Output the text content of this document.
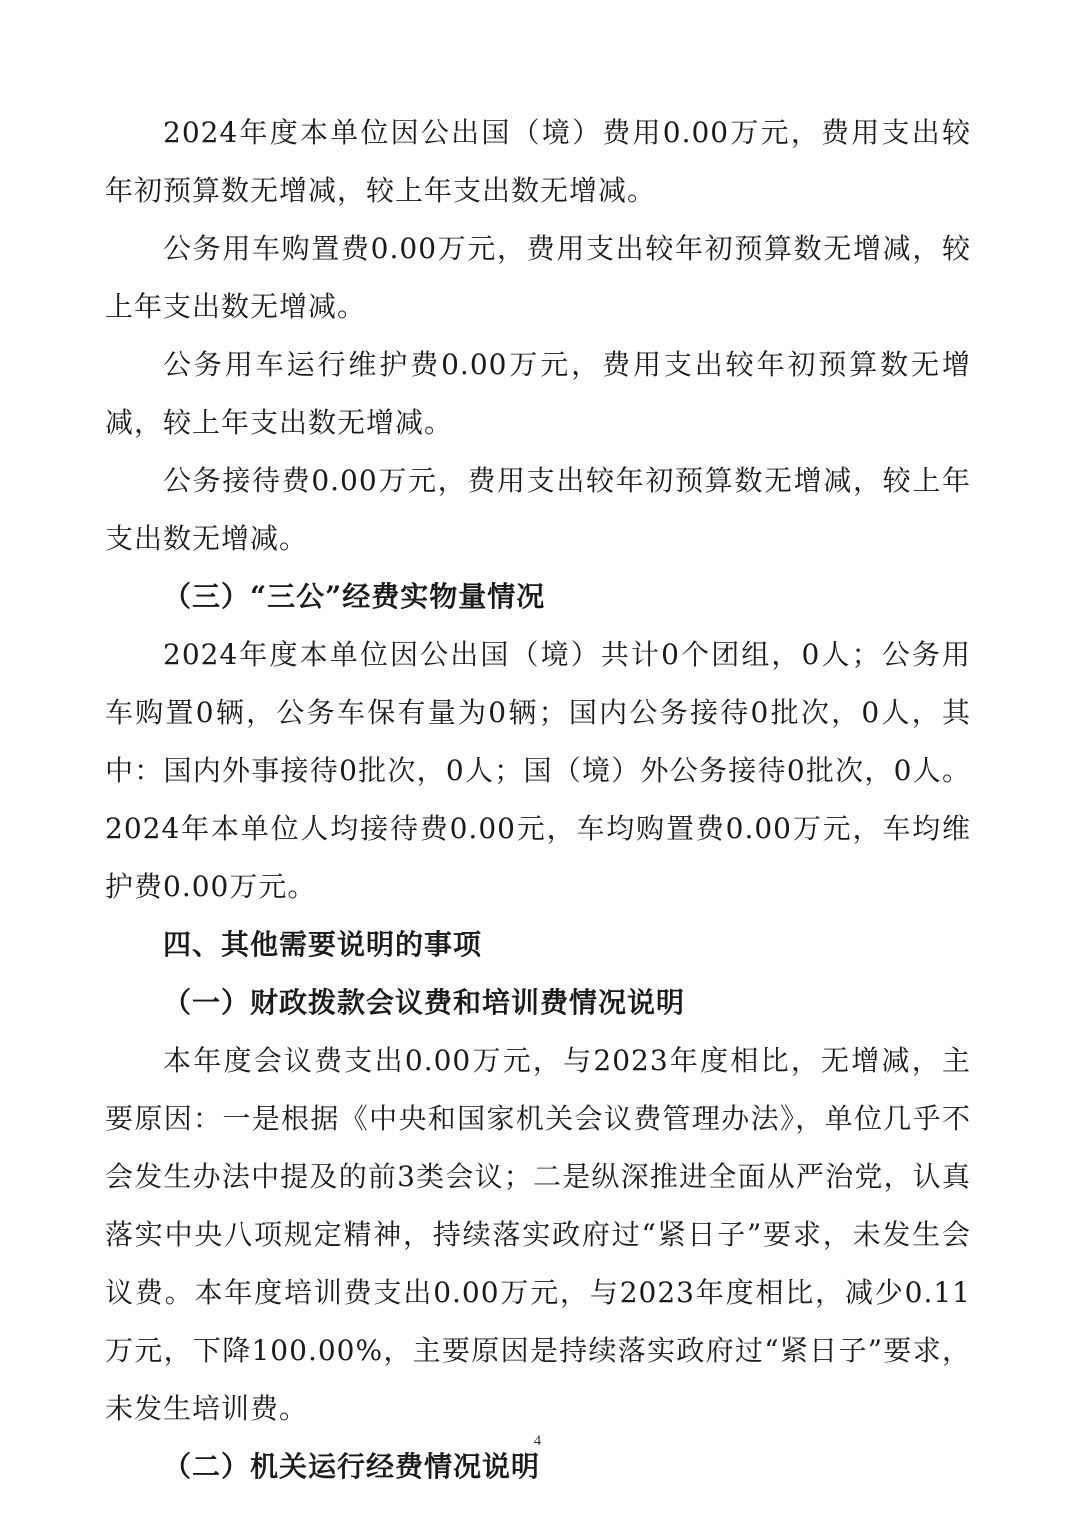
2024年度本单位因公出国（境）费用0.00万元，费用支出较年初预算数无增减，较上年支出数无增减。

公务用车购置费0.00万元，费用支出较年初预算数无增减，较上年支出数无增减。

公务用车运行维护费0.00万元，费用支出较年初预算数无增减，较上年支出数无增减。

公务接待费0.00万元，费用支出较年初预算数无增减，较上年支出数无增减。

（三）“三公”经费实物量情况

2024年度本单位因公出国（境）共计0个团组，0人；公务用车购置0辆，公务车保有量为0辆；国内公务接待0批次，0人，其中：国内外事接待0批次，0人；国（境）外公务接待0批次，0人。2024年本单位人均接待费0.00元，车均购置费0.00万元，车均维护费0.00万元。

四、其他需要说明的事项

（一）财政拨款会议费和培训费情况说明

本年度会议费支出0.00万元，与2023年度相比，无增减，主要原因：一是根据《中央和国家机关会议费管理办法》，单位几乎不会发生办法中提及的前3类会议；二是纵深推进全面从严治党，认真落实中央八项规定精神，持续落实政府过“紧日子”要求，未发生会议费。本年度培训费支出0.00万元，与2023年度相比，减少0.11万元，下降100.00%，主要原因是持续落实政府过“紧日子”要求，未发生培训费。

（二）机关运行经费情况说明

4
